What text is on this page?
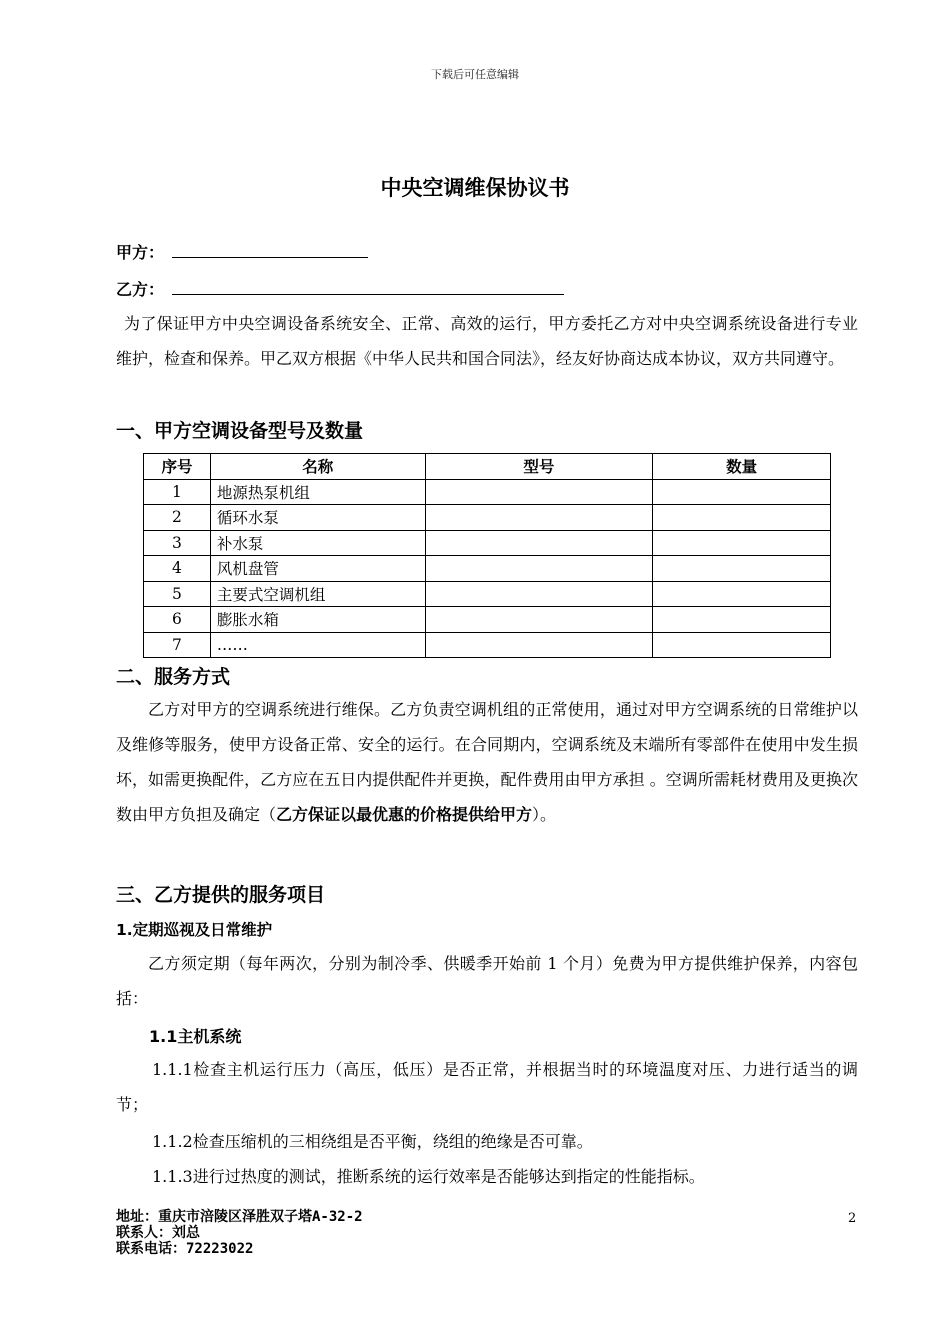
下载后可任意编辑
中央空调维保协议书
甲方：
乙方：
为了保证甲方中央空调设备系统安全、正常、高效的运行，甲方委托乙方对中央空调系统设备进行专业维护，检查和保养。甲乙双方根据《中华人民共和国合同法》，经友好协商达成本协议，双方共同遵守。
一、甲方空调设备型号及数量
序号	名称	型号	数量
1	地源热泵机组		
2	循环水泵		
3	补水泵		
4	风机盘管		
5	主要式空调机组		
6	膨胀水箱		
7	……		
二、服务方式
乙方对甲方的空调系统进行维保。乙方负责空调机组的正常使用，通过对甲方空调系统的日常维护以及维修等服务，使甲方设备正常、安全的运行。在合同期内，空调系统及末端所有零部件在使用中发生损坏，如需更换配件，乙方应在五日内提供配件并更换，配件费用由甲方承担 。空调所需耗材费用及更换次数由甲方负担及确定（乙方保证以最优惠的价格提供给甲方）。
三、乙方提供的服务项目
1.定期巡视及日常维护
乙方须定期（每年两次，分别为制冷季、供暖季开始前 1 个月）免费为甲方提供维护保养，内容包括：
1.1主机系统
1.1.1检查主机运行压力（高压，低压）是否正常，并根据当时的环境温度对压、力进行适当的调节；
1.1.2检查压缩机的三相绕组是否平衡，绕组的绝缘是否可靠。
1.1.3进行过热度的测试，推断系统的运行效率是否能够达到指定的性能指标。
地址：重庆市涪陵区泽胜双子塔A-32-2
联系人：刘总
联系电话：72223022
2
